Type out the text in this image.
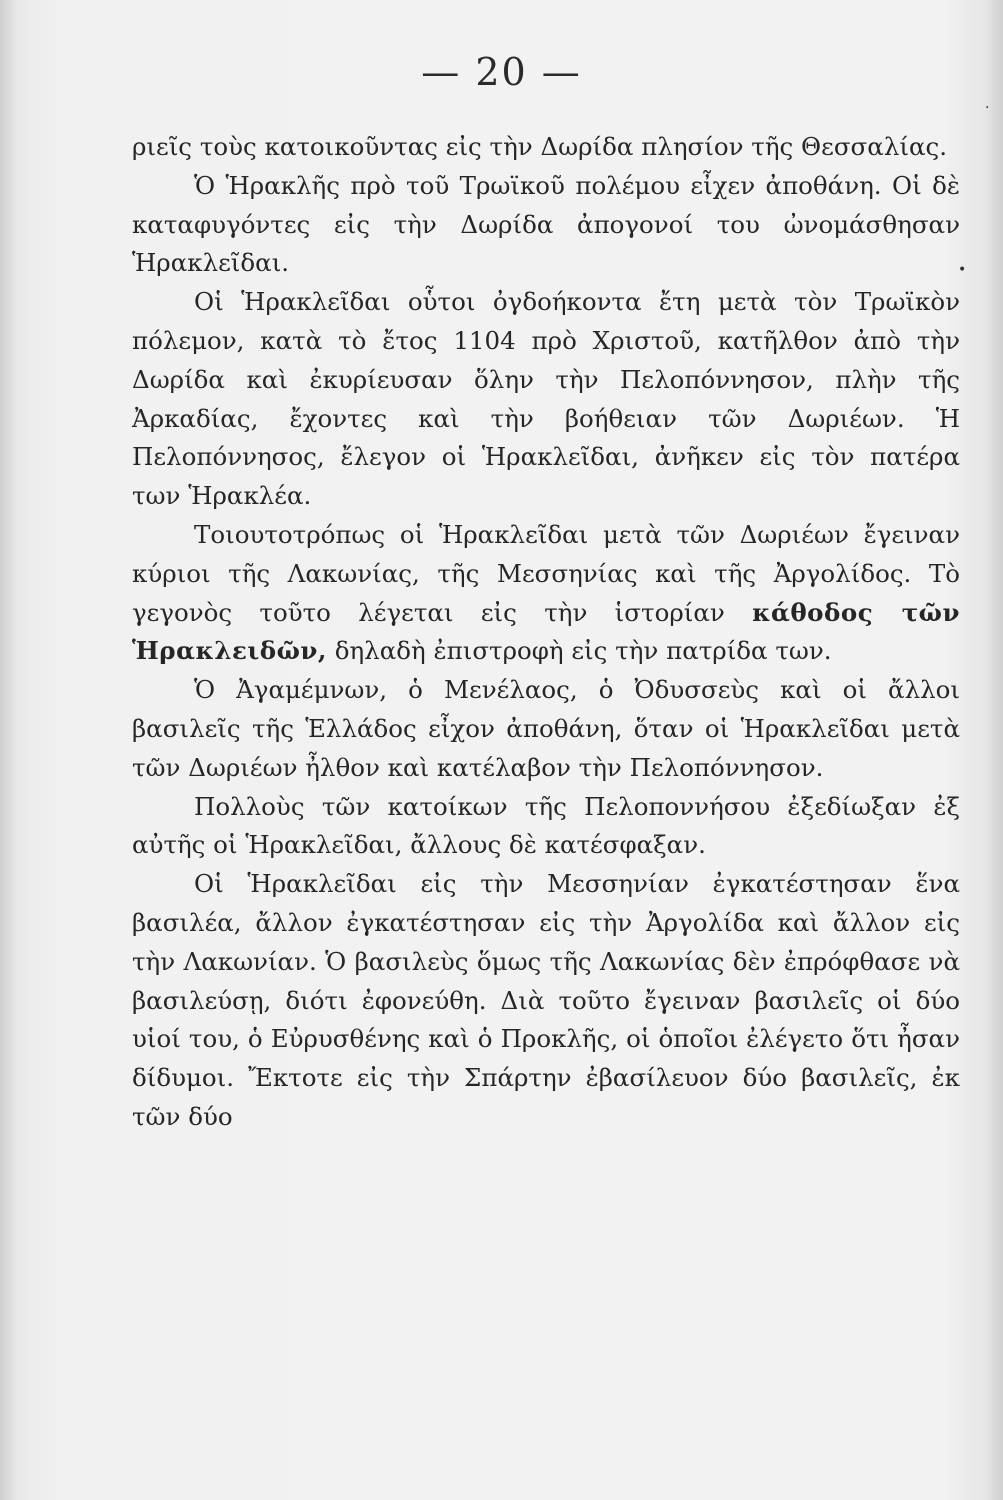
— 20 —

ριεῖς τοὺς κατοικοῦντας εἰς τὴν Δωρίδα πλησίον τῆς Θεσσαλίας.

Ὁ Ἡρακλῆς πρὸ τοῦ Τρωϊκοῦ πολέμου εἶχεν ἀποθάνη. Οἱ δὲ καταφυγόντες εἰς τὴν Δωρίδα ἀπογονοί του ὠνομάσθησαν Ἡρακλεῖδαι.

Οἱ Ἡρακλεῖδαι οὗτοι ὀγδοήκοντα ἔτη μετὰ τὸν Τρωϊκὸν πόλεμον, κατὰ τὸ ἔτος 1104 πρὸ Χριστοῦ, κατῆλθον ἀπὸ τὴν Δωρίδα καὶ ἐκυρίευσαν ὅλην τὴν Πελοπόννησον, πλὴν τῆς Ἀρκαδίας, ἔχοντες καὶ τὴν βοήθειαν τῶν Δωριέων. Ἡ Πελοπόννησος, ἔλεγον οἱ Ἡρακλεῖδαι, ἀνῆκεν εἰς τὸν πατέρα των Ἡρακλέα.

Τοιουτοτρόπως οἱ Ἡρακλεῖδαι μετὰ τῶν Δωριέων ἔγειναν κύριοι τῆς Λακωνίας, τῆς Μεσσηνίας καὶ τῆς Ἀργολίδος. Τὸ γεγονὸς τοῦτο λέγεται εἰς τὴν ἱστορίαν κάθοδος τῶν Ἡρακλειδῶν, δηλαδὴ ἐπιστροφὴ εἰς τὴν πατρίδα των.

Ὁ Ἀγαμέμνων, ὁ Μενέλαος, ὁ Ὀδυσσεὺς καὶ οἱ ἄλλοι βασιλεῖς τῆς Ἑλλάδος εἶχον ἀποθάνη, ὅταν οἱ Ἡρακλεῖδαι μετὰ τῶν Δωριέων ἦλθον καὶ κατέλαβον τὴν Πελοπόννησον.

Πολλοὺς τῶν κατοίκων τῆς Πελοποννήσου ἐξεδίωξαν ἐξ αὐτῆς οἱ Ἡρακλεῖδαι, ἄλλους δὲ κατέσφαξαν.

Οἱ Ἡρακλεῖδαι εἰς τὴν Μεσσηνίαν ἐγκατέστησαν ἕνα βασιλέα, ἄλλον ἐγκατέστησαν εἰς τὴν Ἀργολίδα καὶ ἄλλον εἰς τὴν Λακωνίαν. Ὁ βασιλεὺς ὅμως τῆς Λακωνίας δὲν ἐπρόφθασε νὰ βασιλεύσῃ, διότι ἐφονεύθη. Διὰ τοῦτο ἔγειναν βασιλεῖς οἱ δύο υἱοί του, ὁ Εὐρυσθένης καὶ ὁ Προκλῆς, οἱ ὁποῖοι ἐλέγετο ὅτι ἦσαν δίδυμοι. Ἔκτοτε εἰς τὴν Σπάρτην ἐβασίλευον δύο βασιλεῖς, ἐκ τῶν δύο

•
·
